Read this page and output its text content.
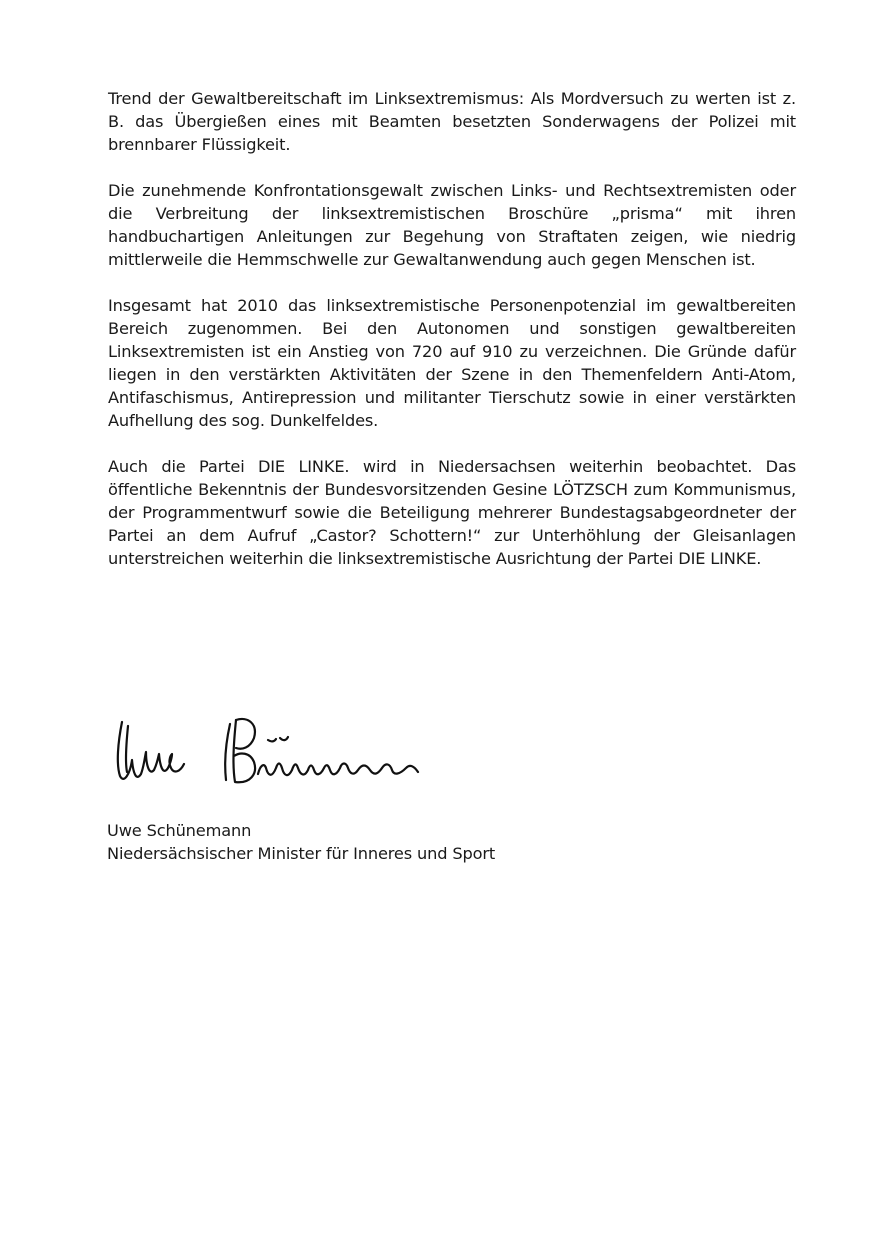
Trend der Gewaltbereitschaft im Linksextremismus: Als Mordversuch zu werten ist z. B. das Übergießen eines mit Beamten besetzten Sonderwagens der Polizei mit brennbarer Flüssigkeit.

Die zunehmende Konfrontationsgewalt zwischen Links- und Rechtsextremisten oder die Verbreitung der linksextremistischen Broschüre „prisma“ mit ihren handbuchartigen Anleitungen zur Begehung von Straftaten zeigen, wie niedrig mittlerweile die Hemmschwelle zur Gewaltanwendung auch gegen Menschen ist.

Insgesamt hat 2010 das linksextremistische Personenpotenzial im gewaltbereiten Bereich zugenommen. Bei den Autonomen und sonstigen gewaltbereiten Linksextremisten ist ein Anstieg von 720 auf 910 zu verzeichnen. Die Gründe dafür liegen in den verstärkten Aktivitäten der Szene in den Themenfeldern Anti-Atom, Antifaschismus, Antirepression und militanter Tierschutz sowie in einer verstärkten Aufhellung des sog. Dunkelfeldes.

Auch die Partei DIE LINKE. wird in Niedersachsen weiterhin beobachtet. Das öffentliche Bekenntnis der Bundesvorsitzenden Gesine LÖTZSCH zum Kommunismus, der Programmentwurf sowie die Beteiligung mehrerer Bundestagsabgeordneter der Partei an dem Aufruf „Castor? Schottern!“ zur Unterhöhlung der Gleisanlagen unterstreichen weiterhin die linksextremistische Ausrichtung der Partei DIE LINKE.

Uwe Schünemann
Niedersächsischer Minister für Inneres und Sport
